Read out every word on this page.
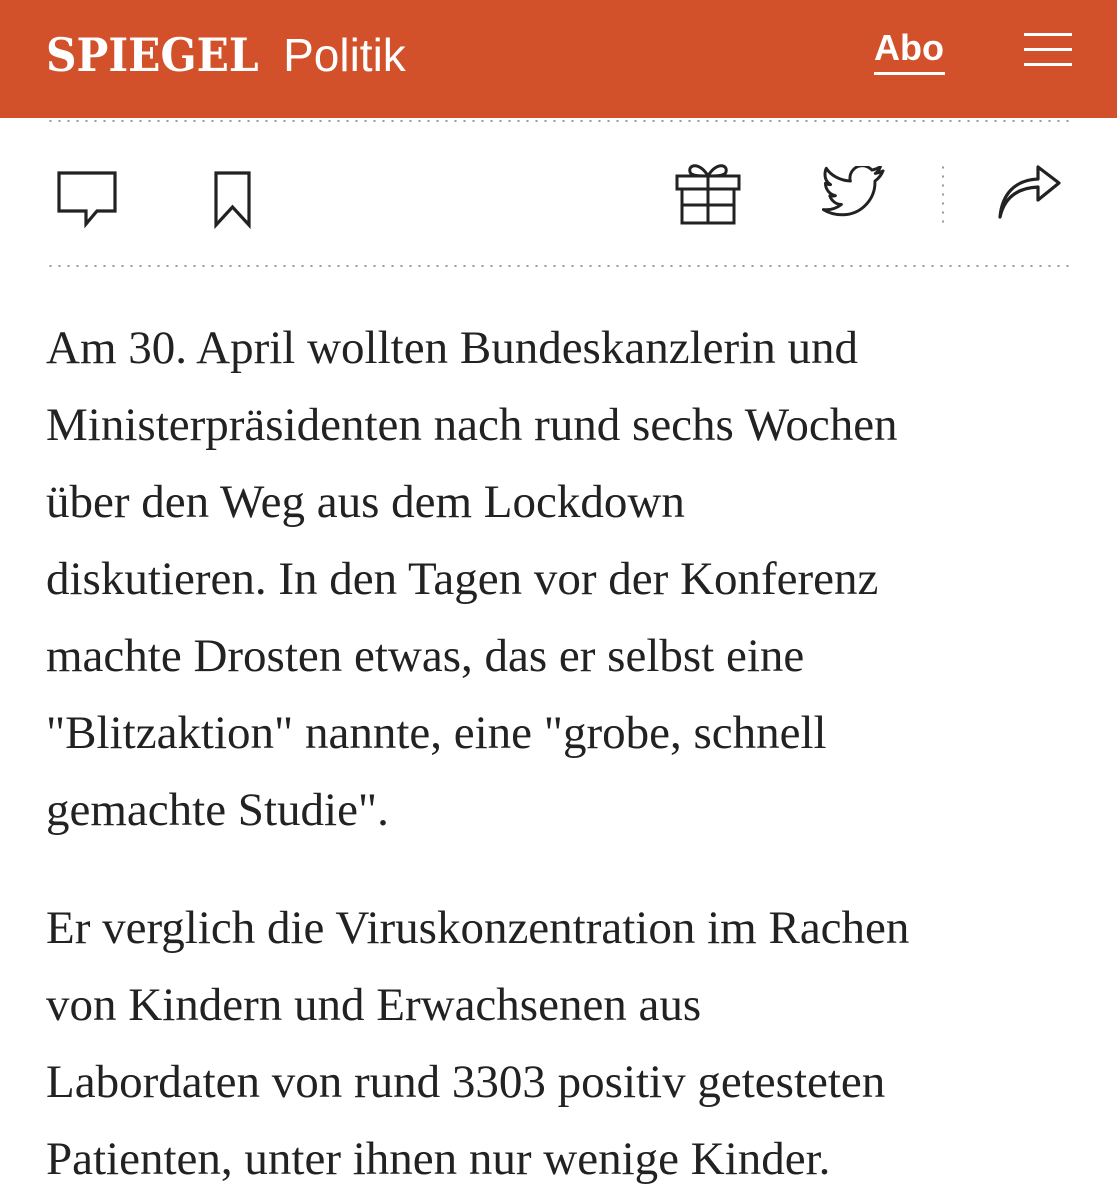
SPIEGEL Politik	Abo

Am 30. April wollten Bundeskanzlerin und
Ministerpräsidenten nach rund sechs Wochen
über den Weg aus dem Lockdown
diskutieren. In den Tagen vor der Konferenz
machte Drosten etwas, das er selbst eine
"Blitzaktion" nannte, eine "grobe, schnell
gemachte Studie".

Er verglich die Viruskonzentration im Rachen
von Kindern und Erwachsenen aus
Labordaten von rund 3303 positiv getesteten
Patienten, unter ihnen nur wenige Kinder.
